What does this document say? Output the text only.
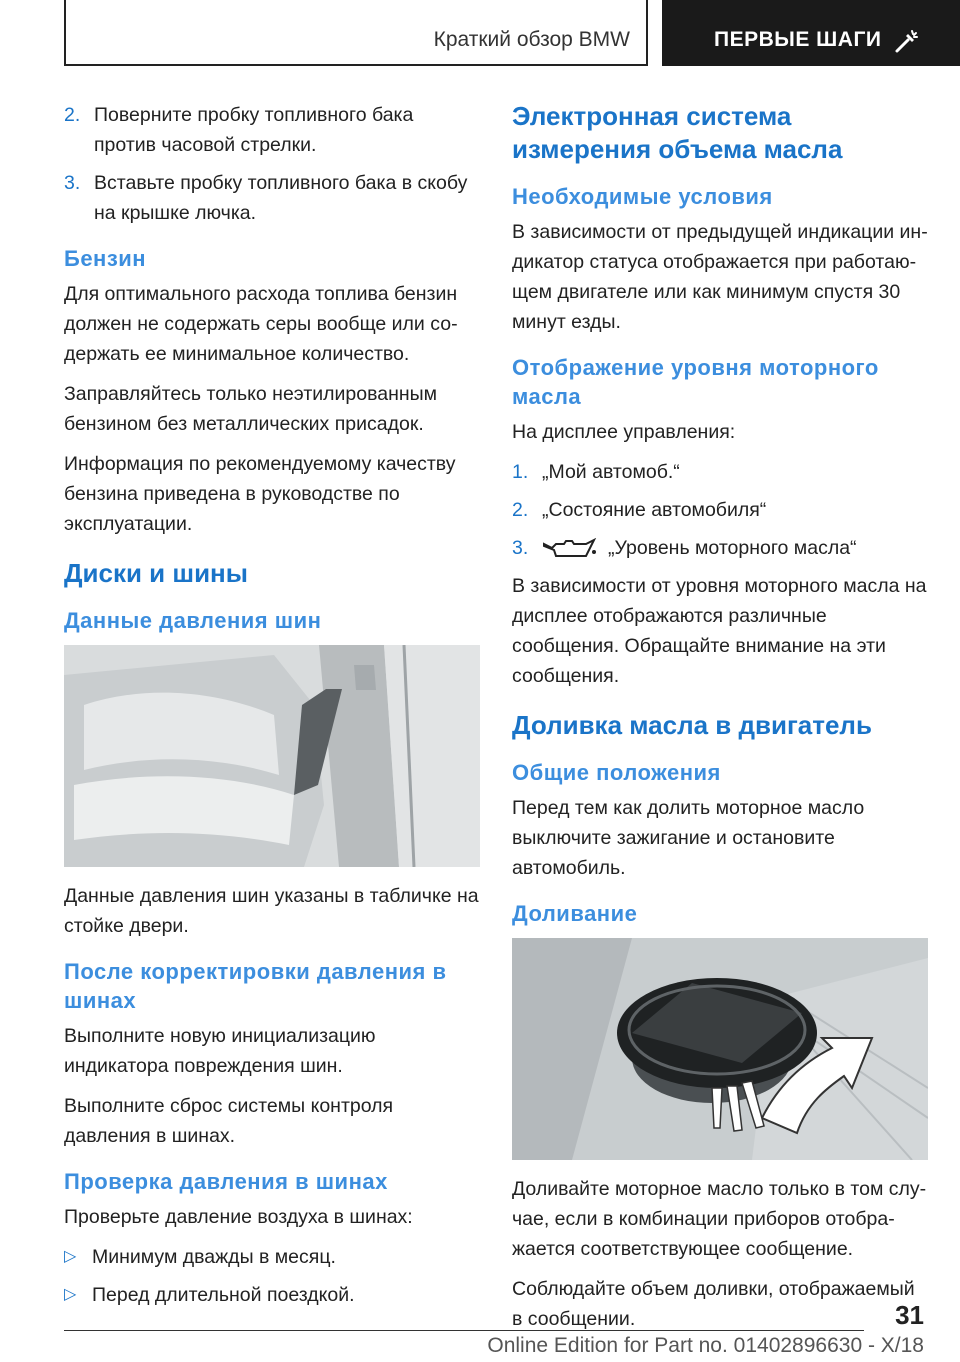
Краткий обзор BMW	ПЕРВЫЕ ШАГИ
2. Поверните пробку топливного бака против часовой стрелки.
3. Вставьте пробку топливного бака в скобу на крышке лючка.
Бензин

Для оптимального расхода топлива бензин должен не содержать серы вообще или содержать ее минимальное количество.

Заправляйтесь только неэтилированным бензином без металлических присадок.

Информация по рекомендуемому качеству бензина приведена в руководстве по эксплуатации.

Диски и шины
Данные давления шин

Данные давления шин указаны в табличке на стойке двери.

После корректировки давления в шинах

Выполните новую инициализацию индикатора повреждения шин.

Выполните сброс системы контроля давления в шинах.

Проверка давления в шинах

Проверьте давление воздуха в шинах:

▷ Минимум дважды в месяц.
▷ Перед длительной поездкой.
Электронная система измерения объема масла
Необходимые условия

В зависимости от предыдущей индикации индикатор статуса отображается при работающем двигателе или как минимум спустя 30 минут езды.

Отображение уровня моторного масла

На дисплее управления:

1. „Мой автомоб.“
2. „Состояние автомобиля“
3.	„Уровень моторного масла“

В зависимости от уровня моторного масла на дисплее отображаются различные сообщения. Обращайте внимание на эти сообщения.

Доливка масла в двигатель
Общие положения

Перед тем как долить моторное масло выключите зажигание и остановите автомобиль.

Доливание

Доливайте моторное масло только в том случае, если в комбинации приборов отображается соответствующее сообщение.

Соблюдайте объем доливки, отображаемый в сообщении.	31
Online Edition for Part no. 01402896630 - X/18
